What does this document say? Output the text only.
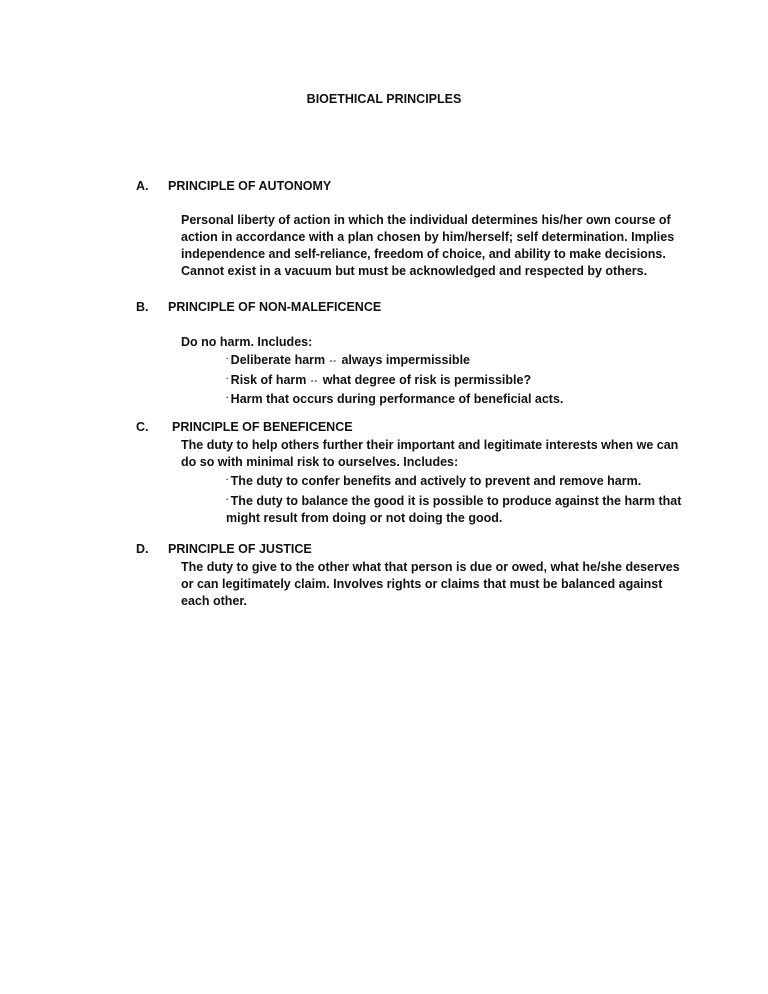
BIOETHICAL PRINCIPLES
A. PRINCIPLE OF AUTONOMY
Personal liberty of action in which the individual determines his/her own course of
action in accordance with a plan chosen by him/herself; self determination. Implies
independence and self-reliance, freedom of choice, and ability to make decisions.
Cannot exist in a vacuum but must be acknowledged and respected by others.
B. PRINCIPLE OF NON-MALEFICENCE
Do no harm. Includes:
· Deliberate harm -- always impermissible
· Risk of harm -- what degree of risk is permissible?
· Harm that occurs during performance of beneficial acts.
C. PRINCIPLE OF BENEFICENCE
The duty to help others further their important and legitimate interests when we can
do so with minimal risk to ourselves. Includes:
· The duty to confer benefits and actively to prevent and remove harm.
· The duty to balance the good it is possible to produce against the harm that
might result from doing or not doing the good.
D. PRINCIPLE OF JUSTICE
The duty to give to the other what that person is due or owed, what he/she deserves
or can legitimately claim. Involves rights or claims that must be balanced against
each other.
